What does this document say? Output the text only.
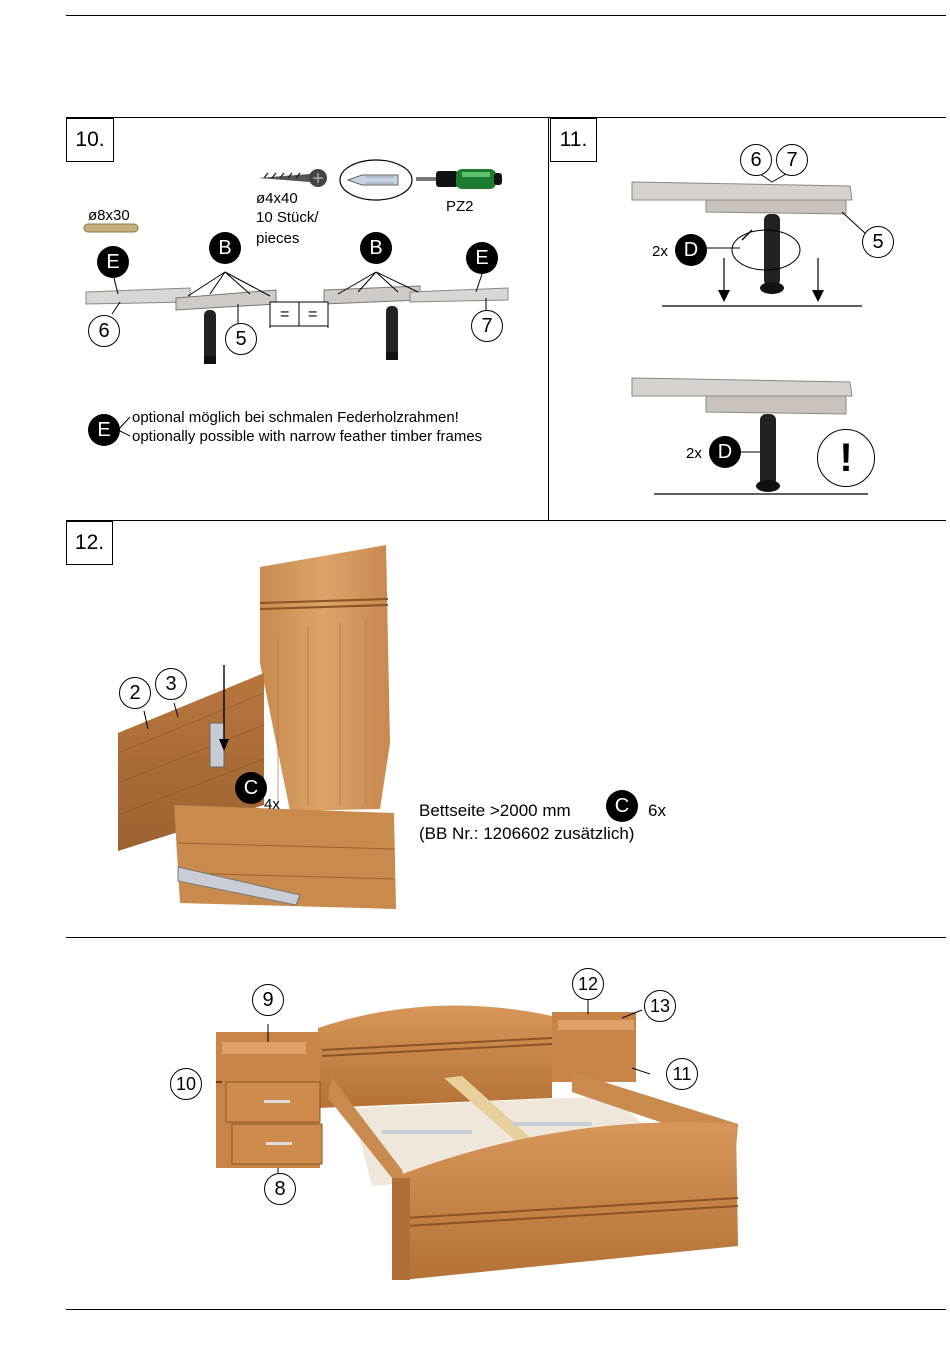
10.
ø8x30
ø4x40
10 Stück/
pieces
PZ2
B	B
E	E
6	5
7
= =
E
optional möglich bei schmalen Federholzrahmen!
optionally possible with narrow feather timber frames
11.
6	7
5
2x D
2x D	!
12.
2	3
C
4x	Bettseite >2000 mm	C	6x
(BB Nr.: 1206602 zusätzlich)
9
12
13
10	11
8
